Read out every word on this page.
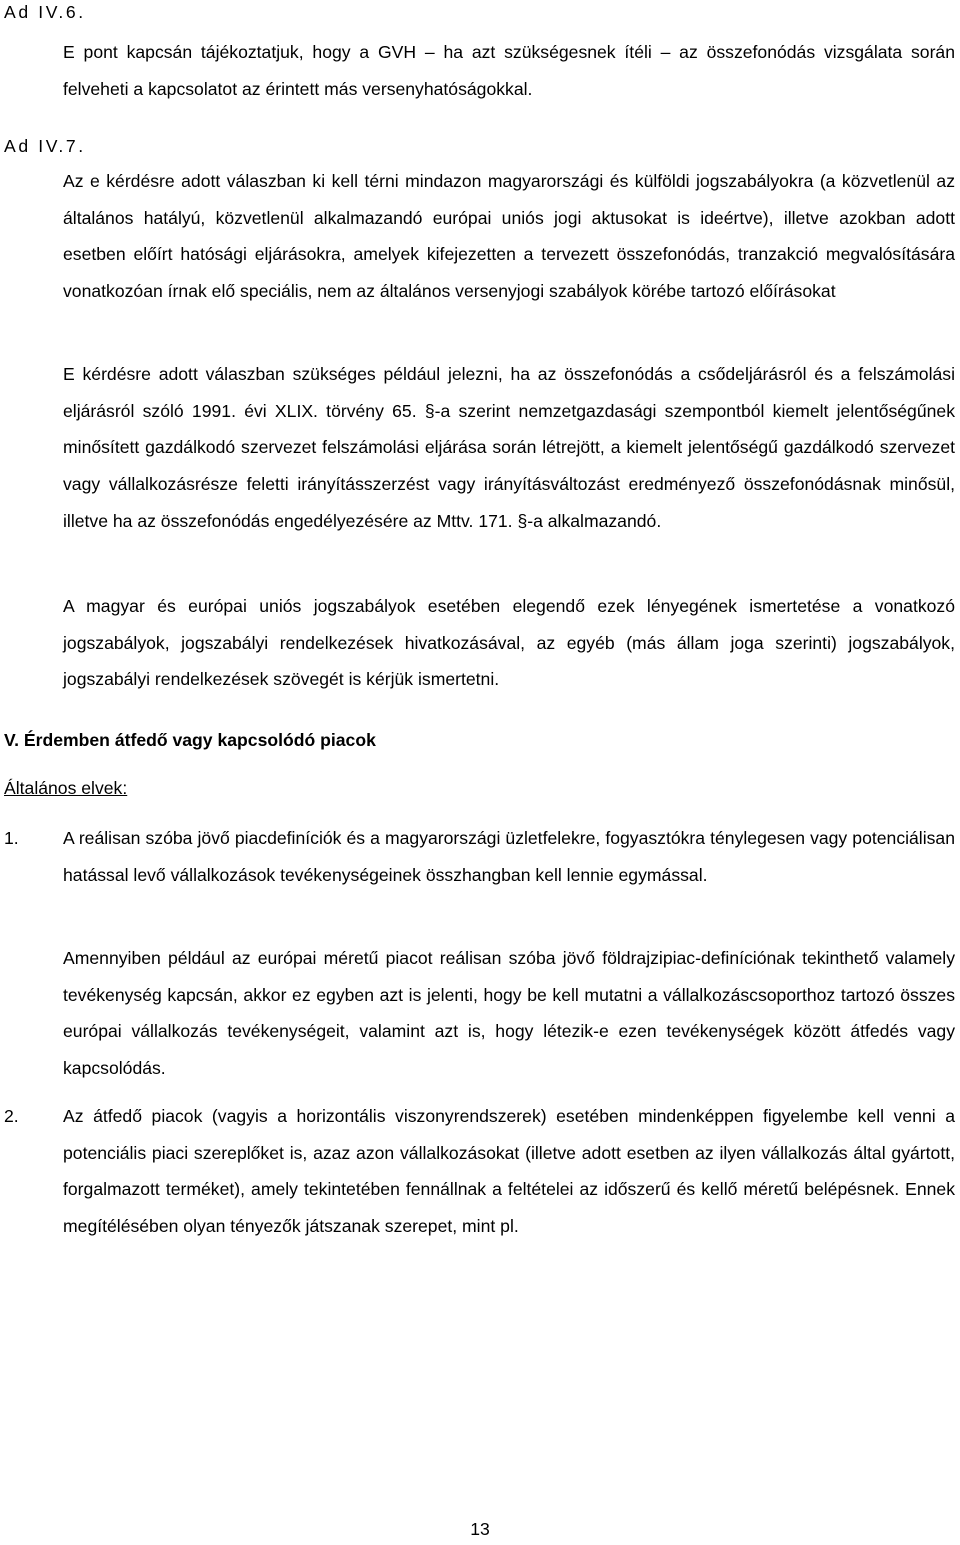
Ad IV.6.

E pont kapcsán tájékoztatjuk, hogy a GVH – ha azt szükségesnek ítéli – az összefonódás vizsgálata során felveheti a kapcsolatot az érintett más versenyhatóságokkal.

Ad IV.7.

Az e kérdésre adott válaszban ki kell térni mindazon magyarországi és külföldi jogszabályokra (a közvetlenül az általános hatályú, közvetlenül alkalmazandó európai uniós jogi aktusokat is ideértve), illetve azokban adott esetben előírt hatósági eljárásokra, amelyek kifejezetten a tervezett összefonódás, tranzakció megvalósítására vonatkozóan írnak elő speciális, nem az általános versenyjogi szabályok körébe tartozó előírásokat

E kérdésre adott válaszban szükséges például jelezni, ha az összefonódás a csődeljárásról és a felszámolási eljárásról szóló 1991. évi XLIX. törvény 65. §-a szerint nemzetgazdasági szempontból kiemelt jelentőségűnek minősített gazdálkodó szervezet felszámolási eljárása során létrejött, a kiemelt jelentőségű gazdálkodó szervezet vagy vállalkozásrésze feletti irányításszerzést vagy irányításváltozást eredményező összefonódásnak minősül, illetve ha az összefonódás engedélyezésére az Mttv. 171. §-a alkalmazandó.

A magyar és európai uniós jogszabályok esetében elegendő ezek lényegének ismertetése a vonatkozó jogszabályok, jogszabályi rendelkezések hivatkozásával, az egyéb (más állam joga szerinti) jogszabályok, jogszabályi rendelkezések szövegét is kérjük ismertetni.

V. Érdemben átfedő vagy kapcsolódó piacok

Általános elvek:

1.	A reálisan szóba jövő piacdefiníciók és a magyarországi üzletfelekre, fogyasztókra ténylegesen vagy potenciálisan hatással levő vállalkozások tevékenységeinek összhangban kell lennie egymással.

Amennyiben például az európai méretű piacot reálisan szóba jövő földrajzipiac-definíciónak tekinthető valamely tevékenység kapcsán, akkor ez egyben azt is jelenti, hogy be kell mutatni a vállalkozáscsoporthoz tartozó összes európai vállalkozás tevékenységeit, valamint azt is, hogy létezik-e ezen tevékenységek között átfedés vagy kapcsolódás.

2.	Az átfedő piacok (vagyis a horizontális viszonyrendszerek) esetében mindenképpen figyelembe kell venni a potenciális piaci szereplőket is, azaz azon vállalkozásokat (illetve adott esetben az ilyen vállalkozás által gyártott, forgalmazott terméket), amely tekintetében fennállnak a feltételei az időszerű és kellő méretű belépésnek. Ennek megítélésében olyan tényezők játszanak szerepet, mint pl.

13
